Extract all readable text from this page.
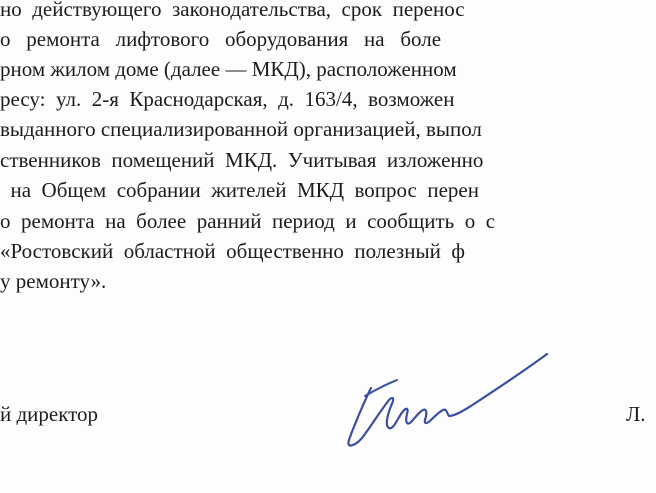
но  действующего  законодательства,  срок  перенос
о   ремонта   лифтового   оборудования   на   боле
рном жилом доме (далее — МКД), расположенном
ресу:  ул.  2-я  Краснодарская,  д.  163/4,  возможен
выданного специализированной организацией, выпол
ственников  помещений  МКД.  Учитывая  изложенно
на  Общем  собрании  жителей  МКД  вопрос  перен
о  ремонта  на  более  ранний  период  и  сообщить  о  с
«Ростовский  областной  общественно  полезный  ф
у ремонту».
й директор	Л.
